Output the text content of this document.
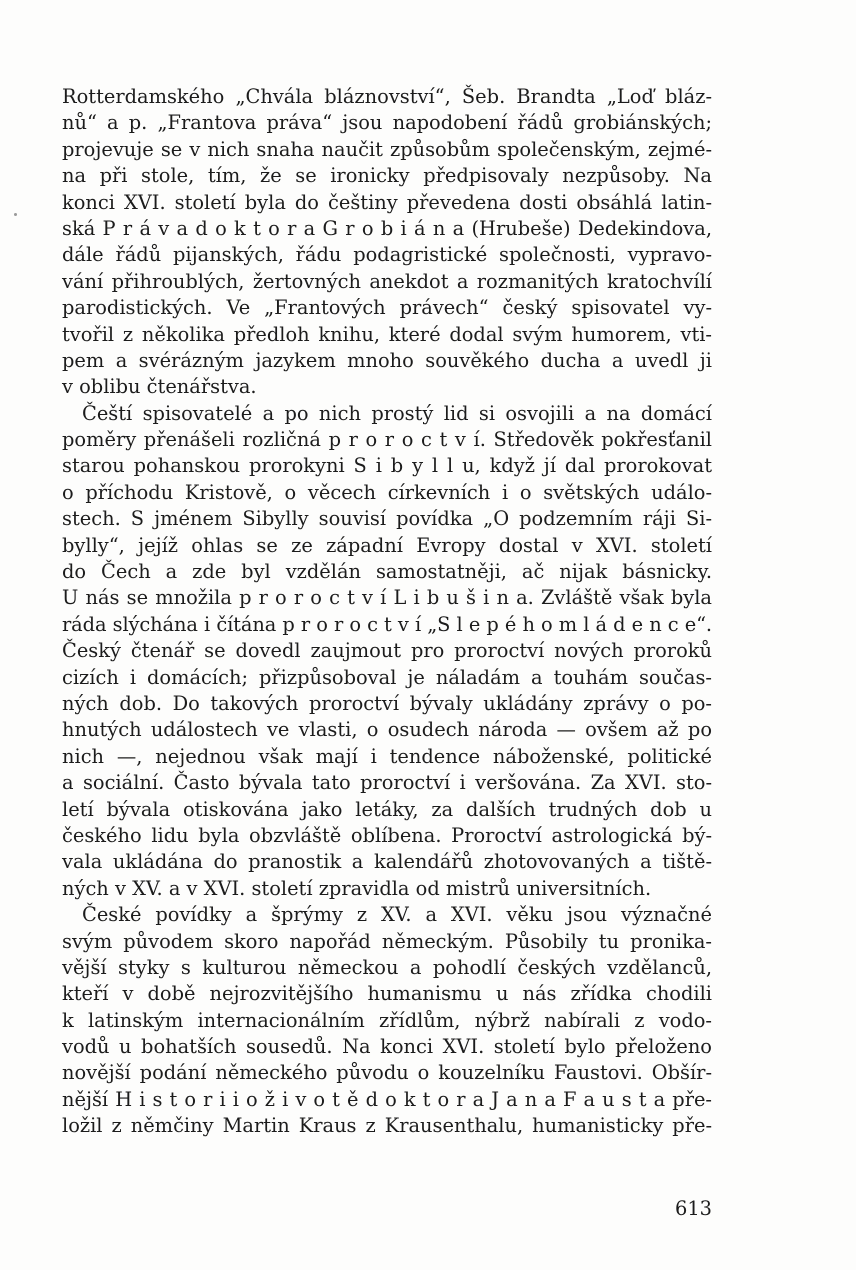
Rotterdamského „Chvála bláznovství“, Šeb. Brandta „Loď bláz-
nů“ a p. „Frantova práva“ jsou napodobení řádů grobiánských;
projevuje se v nich snaha naučit způsobům společenským, zejmé-
na při stole, tím, že se ironicky předpisovaly nezpůsoby. Na
konci XVI. století byla do češtiny převedena dosti obsáhlá latin-
ská P r á v a d o k t o r a G r o b i á n a (Hrubeše) Dedekindova,
dále řádů pijanských, řádu podagristické společnosti, vypravo-
vání přihroublých, žertovných anekdot a rozmanitých kratochvílí
parodistických. Ve „Frantových právech“ český spisovatel vy-
tvořil z několika předloh knihu, které dodal svým humorem, vti-
pem a svérázným jazykem mnoho souvěkého ducha a uvedl ji
v oblibu čtenářstva.
Čeští spisovatelé a po nich prostý lid si osvojili a na domácí
poměry přenášeli rozličná p r o r o c t v í. Středověk pokřesťanil
starou pohanskou prorokyni S i b y l l u, když jí dal prorokovat
o příchodu Kristově, o věcech církevních i o světských událo-
stech. S jménem Sibylly souvisí povídka „O podzemním ráji Si-
bylly“, jejíž ohlas se ze západní Evropy dostal v XVI. století
do Čech a zde byl vzdělán samostatněji, ač nijak básnicky.
U nás se množila p r o r o c t v í L i b u š i n a. Zvláště však byla
ráda slýchána i čítána p r o r o c t v í „S l e p é h o m l á d e n c e“.
Český čtenář se dovedl zaujmout pro proroctví nových proroků
cizích i domácích; přizpůsoboval je náladám a touhám součas-
ných dob. Do takových proroctví bývaly ukládány zprávy o po-
hnutých událostech ve vlasti, o osudech národa — ovšem až po
nich —, nejednou však mají i tendence náboženské, politické
a sociální. Často bývala tato proroctví i veršována. Za XVI. sto-
letí bývala otiskována jako letáky, za dalších trudných dob u
českého lidu byla obzvláště oblíbena. Proroctví astrologická bý-
vala ukládána do pranostik a kalendářů zhotovovaných a tiště-
ných v XV. a v XVI. století zpravidla od mistrů universitních.
České povídky a šprýmy z XV. a XVI. věku jsou význačné
svým původem skoro napořád německým. Působily tu pronika-
vější styky s kulturou německou a pohodlí českých vzdělanců,
kteří v době nejrozvitějšího humanismu u nás zřídka chodili
k latinským internacionálním zřídlům, nýbrž nabírali z vodo-
vodů u bohatších sousedů. Na konci XVI. století bylo přeloženo
novější podání německého původu o kouzelníku Faustovi. Obšír-
nější H i s t o r i i o ž i v o t ě d o k t o r a J a n a F a u s t a pře-
ložil z němčiny Martin Kraus z Krausenthalu, humanisticky pře-
613
